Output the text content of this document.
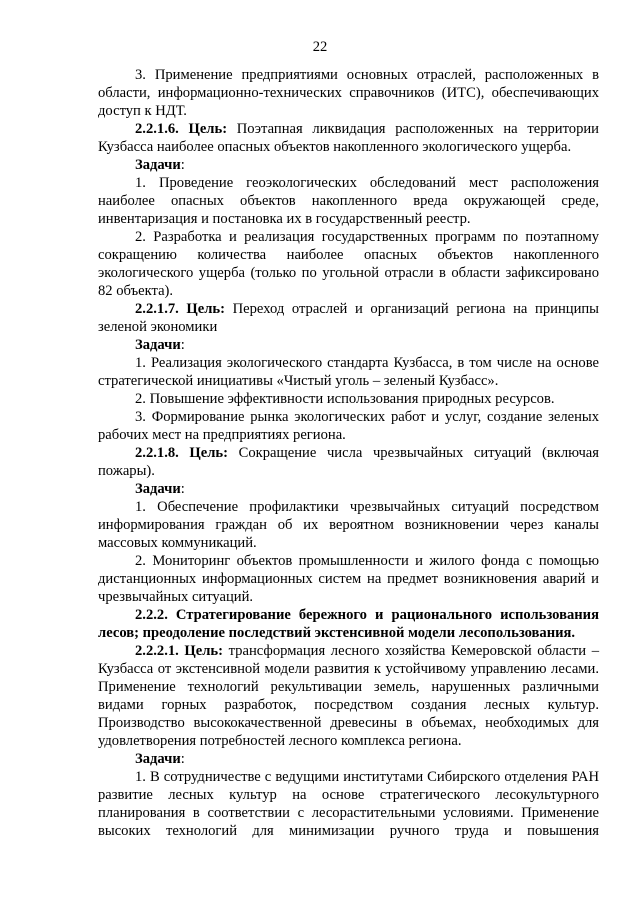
22

3. Применение предприятиями основных отраслей, расположенных в области, информационно-технических справочников (ИТС), обеспечивающих доступ к НДТ.

2.2.1.6. Цель: Поэтапная ликвидация расположенных на территории Кузбасса наиболее опасных объектов накопленного экологического ущерба.

Задачи:

1. Проведение геоэкологических обследований мест расположения наиболее опасных объектов накопленного вреда окружающей среде, инвентаризация и постановка их в государственный реестр.

2. Разработка и реализация государственных программ по поэтапному сокращению количества наиболее опасных объектов накопленного экологического ущерба (только по угольной отрасли в области зафиксировано 82 объекта).

2.2.1.7. Цель: Переход отраслей и организаций региона на принципы зеленой экономики

Задачи:

1. Реализация экологического стандарта Кузбасса, в том числе на основе стратегической инициативы «Чистый уголь – зеленый Кузбасс».

2. Повышение эффективности использования природных ресурсов.

3. Формирование рынка экологических работ и услуг, создание зеленых рабочих мест на предприятиях региона.

2.2.1.8. Цель: Сокращение числа чрезвычайных ситуаций (включая пожары).

Задачи:

1. Обеспечение профилактики чрезвычайных ситуаций посредством информирования граждан об их вероятном возникновении через каналы массовых коммуникаций.

2. Мониторинг объектов промышленности и жилого фонда с помощью дистанционных информационных систем на предмет возникновения аварий и чрезвычайных ситуаций.

2.2.2. Стратегирование бережного и рационального использования лесов; преодоление последствий экстенсивной модели лесопользования.

2.2.2.1. Цель: трансформация лесного хозяйства Кемеровской области – Кузбасса от экстенсивной модели развития к устойчивому управлению лесами. Применение технологий рекультивации земель, нарушенных различными видами горных разработок, посредством создания лесных культур. Производство высококачественной древесины в объемах, необходимых для удовлетворения потребностей лесного комплекса региона.

Задачи:

1. В сотрудничестве с ведущими институтами Сибирского отделения РАН развитие лесных культур на основе стратегического лесокультурного планирования в соответствии с лесорастительными условиями. Применение высоких технологий для минимизации ручного труда и повышения
